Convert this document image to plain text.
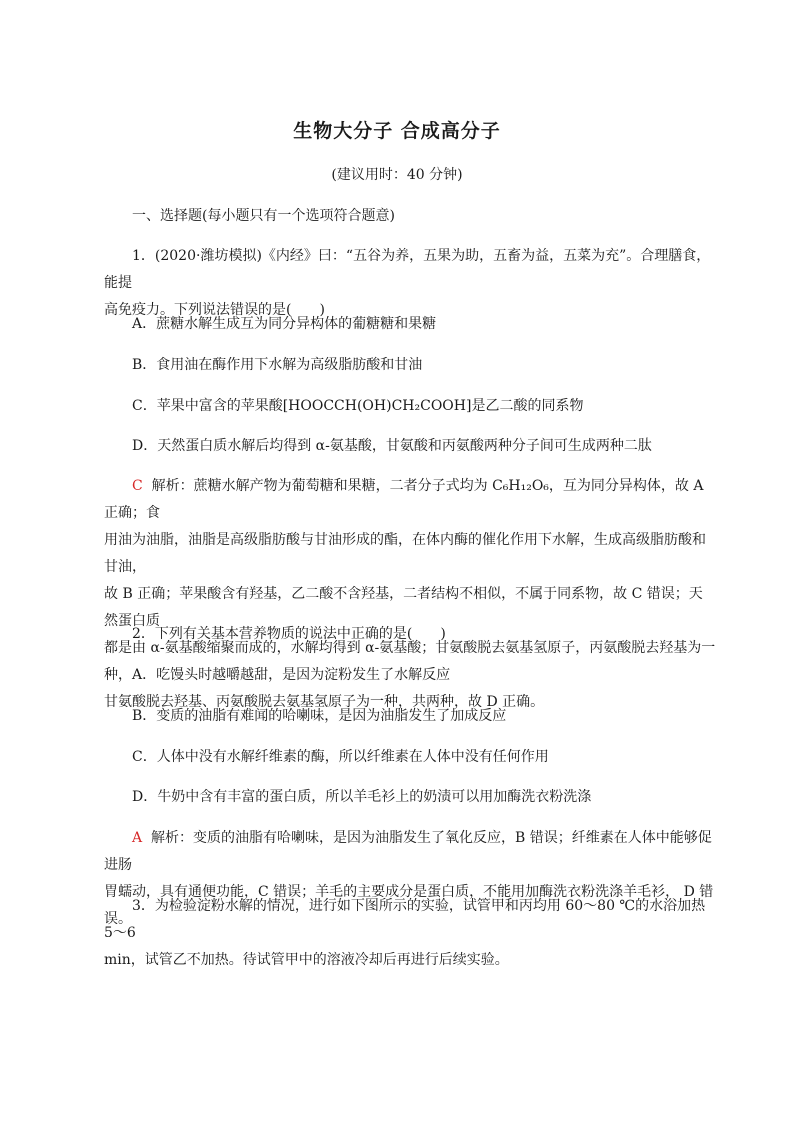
生物大分子 合成高分子
(建议用时：40 分钟)
一、选择题(每小题只有一个选项符合题意)
1．(2020·潍坊模拟)《内经》曰：“五谷为养，五果为助，五畜为益，五菜为充”。合理膳食，能提
高免疫力。下列说法错误的是(　　)
A．蔗糖水解生成互为同分异构体的葡糖糖和果糖
B．食用油在酶作用下水解为高级脂肪酸和甘油
C．苹果中富含的苹果酸[HOOCCH(OH)CH₂COOH]是乙二酸的同系物
D．天然蛋白质水解后均得到 α-氨基酸，甘氨酸和丙氨酸两种分子间可生成两种二肽
C 解析：蔗糖水解产物为葡萄糖和果糖，二者分子式均为 C₆H₁₂O₆，互为同分异构体，故 A 正确；食
用油为油脂，油脂是高级脂肪酸与甘油形成的酯，在体内酶的催化作用下水解，生成高级脂肪酸和甘油，
故 B 正确；苹果酸含有羟基，乙二酸不含羟基，二者结构不相似，不属于同系物，故 C 错误；天然蛋白质
都是由 α-氨基酸缩聚而成的，水解均得到 α-氨基酸；甘氨酸脱去氨基氢原子，丙氨酸脱去羟基为一种，
甘氨酸脱去羟基、丙氨酸脱去氨基氢原子为一种，共两种，故 D 正确。
2．下列有关基本营养物质的说法中正确的是(　　)
A．吃馒头时越嚼越甜，是因为淀粉发生了水解反应
B．变质的油脂有难闻的哈喇味，是因为油脂发生了加成反应
C．人体中没有水解纤维素的酶，所以纤维素在人体中没有任何作用
D．牛奶中含有丰富的蛋白质，所以羊毛衫上的奶渍可以用加酶洗衣粉洗涤
A 解析：变质的油脂有哈喇味，是因为油脂发生了氧化反应，B 错误；纤维素在人体中能够促进肠
胃蠕动，具有通便功能，C 错误；羊毛的主要成分是蛋白质，不能用加酶洗衣粉洗涤羊毛衫， D 错误。
3．为检验淀粉水解的情况，进行如下图所示的实验，试管甲和丙均用 60～80 ℃的水浴加热 5～6
min，试管乙不加热。待试管甲中的溶液冷却后再进行后续实验。
